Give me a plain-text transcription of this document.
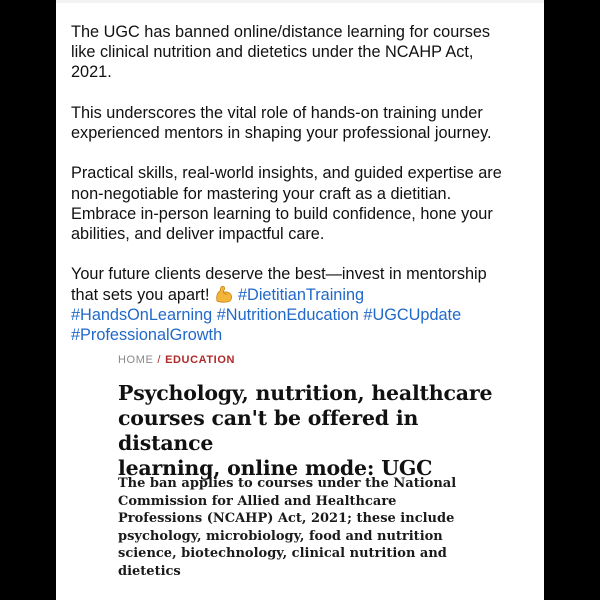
The UGC has banned online/distance learning for courses
like clinical nutrition and dietetics under the NCAHP Act,
2021.

This underscores the vital role of hands-on training under
experienced mentors in shaping your professional journey.

Practical skills, real-world insights, and guided expertise are
non-negotiable for mastering your craft as a dietitian.
Embrace in-person learning to build confidence, hone your
abilities, and deliver impactful care.

Your future clients deserve the best—invest in mentorship
that sets you apart! #DietitianTraining
#HandsOnLearning #NutritionEducation #UGCUpdate
#ProfessionalGrowth

HOME / EDUCATION
Psychology, nutrition, healthcare
courses can't be offered in distance
learning, online mode: UGC
The ban applies to courses under the National
Commission for Allied and Healthcare
Professions (NCAHP) Act, 2021; these include
psychology, microbiology, food and nutrition
science, biotechnology, clinical nutrition and
dietetics
